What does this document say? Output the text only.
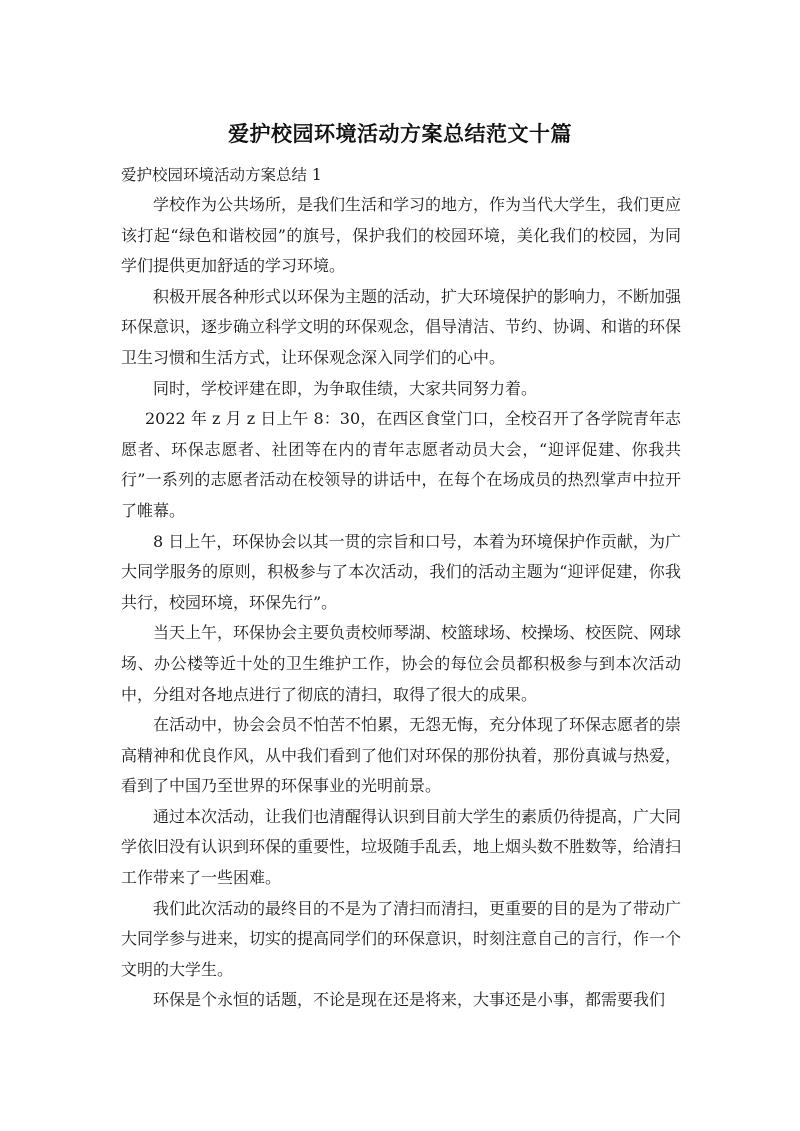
爱护校园环境活动方案总结范文十篇

爱护校园环境活动方案总结 1

学校作为公共场所，是我们生活和学习的地方，作为当代大学生，我们更应该打起“绿色和谐校园”的旗号，保护我们的校园环境，美化我们的校园，为同学们提供更加舒适的学习环境。

积极开展各种形式以环保为主题的活动，扩大环境保护的影响力，不断加强环保意识，逐步确立科学文明的环保观念，倡导清洁、节约、协调、和谐的环保卫生习惯和生活方式，让环保观念深入同学们的心中。

同时，学校评建在即，为争取佳绩，大家共同努力着。

2022 年 z 月 z 日上午 8：30，在西区食堂门口，全校召开了各学院青年志愿者、环保志愿者、社团等在内的青年志愿者动员大会，“迎评促建、你我共行”一系列的志愿者活动在校领导的讲话中，在每个在场成员的热烈掌声中拉开了帷幕。

8 日上午，环保协会以其一贯的宗旨和口号，本着为环境保护作贡献，为广大同学服务的原则，积极参与了本次活动，我们的活动主题为“迎评促建，你我共行，校园环境，环保先行”。

当天上午，环保协会主要负责校师琴湖、校篮球场、校操场、校医院、网球场、办公楼等近十处的卫生维护工作，协会的每位会员都积极参与到本次活动中，分组对各地点进行了彻底的清扫，取得了很大的成果。

在活动中，协会会员不怕苦不怕累，无怨无悔，充分体现了环保志愿者的崇高精神和优良作风，从中我们看到了他们对环保的那份执着，那份真诚与热爱，看到了中国乃至世界的环保事业的光明前景。

通过本次活动，让我们也清醒得认识到目前大学生的素质仍待提高，广大同学依旧没有认识到环保的重要性，垃圾随手乱丢，地上烟头数不胜数等，给清扫工作带来了一些困难。

我们此次活动的最终目的不是为了清扫而清扫，更重要的目的是为了带动广大同学参与进来，切实的提高同学们的环保意识，时刻注意自己的言行，作一个文明的大学生。

环保是个永恒的话题，不论是现在还是将来，大事还是小事，都需要我们
